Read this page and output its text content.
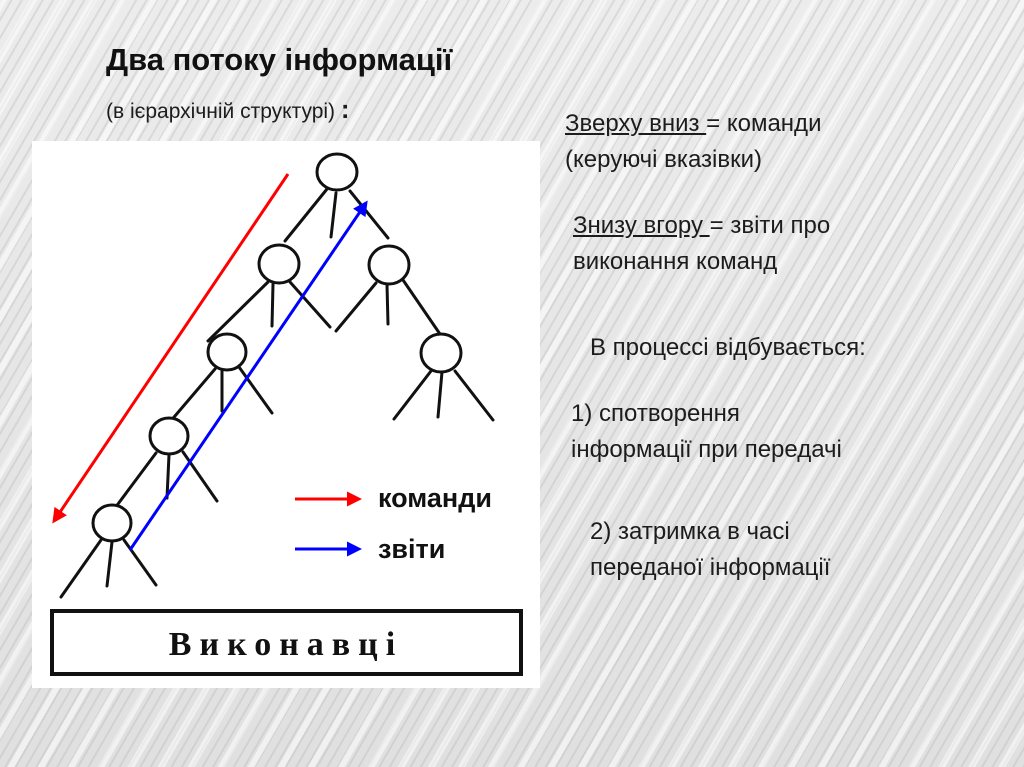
Два потоку інформації
(в ієрархічній структурі) :	Зверху вниз = команди
(керуючі вказівки)
Знизу вгору = звіти про
виконання команд
В процессі відбувається:
1) спотворення
інформації при передачі
2) затримка в часі
переданої інформації
команди
звіти
Виконавці
